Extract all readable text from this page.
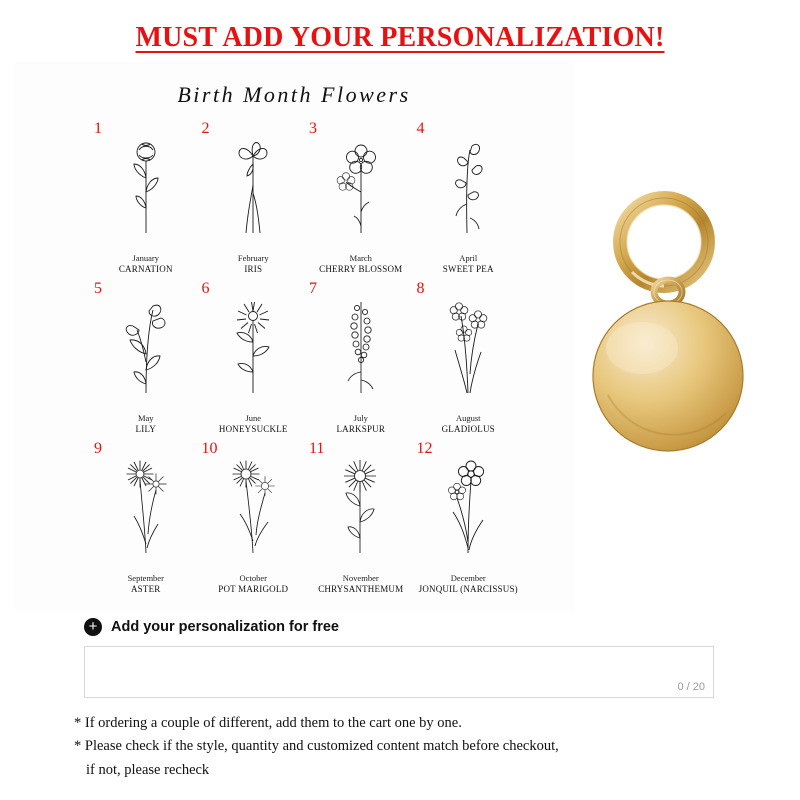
MUST ADD YOUR PERSONALIZATION!
Birth Month Flowers
1
January
CARNATION
2
February
IRIS
3
March
CHERRY BLOSSOM
4
April
SWEET PEA
5
May
LILY
6
June
HONEYSUCKLE
7
July
LARKSPUR
8
August
GLADIOLUS
9
September
ASTER
10
October
POT MARIGOLD
11
November
CHRYSANTHEMUM
12
December
JONQUIL (NARCISSUS)
+ Add your personalization for free
0 / 20

* If ordering a couple of different, add them to the cart one by one.

* Please check if the style, quantity and customized content match before checkout,

if not, please recheck
